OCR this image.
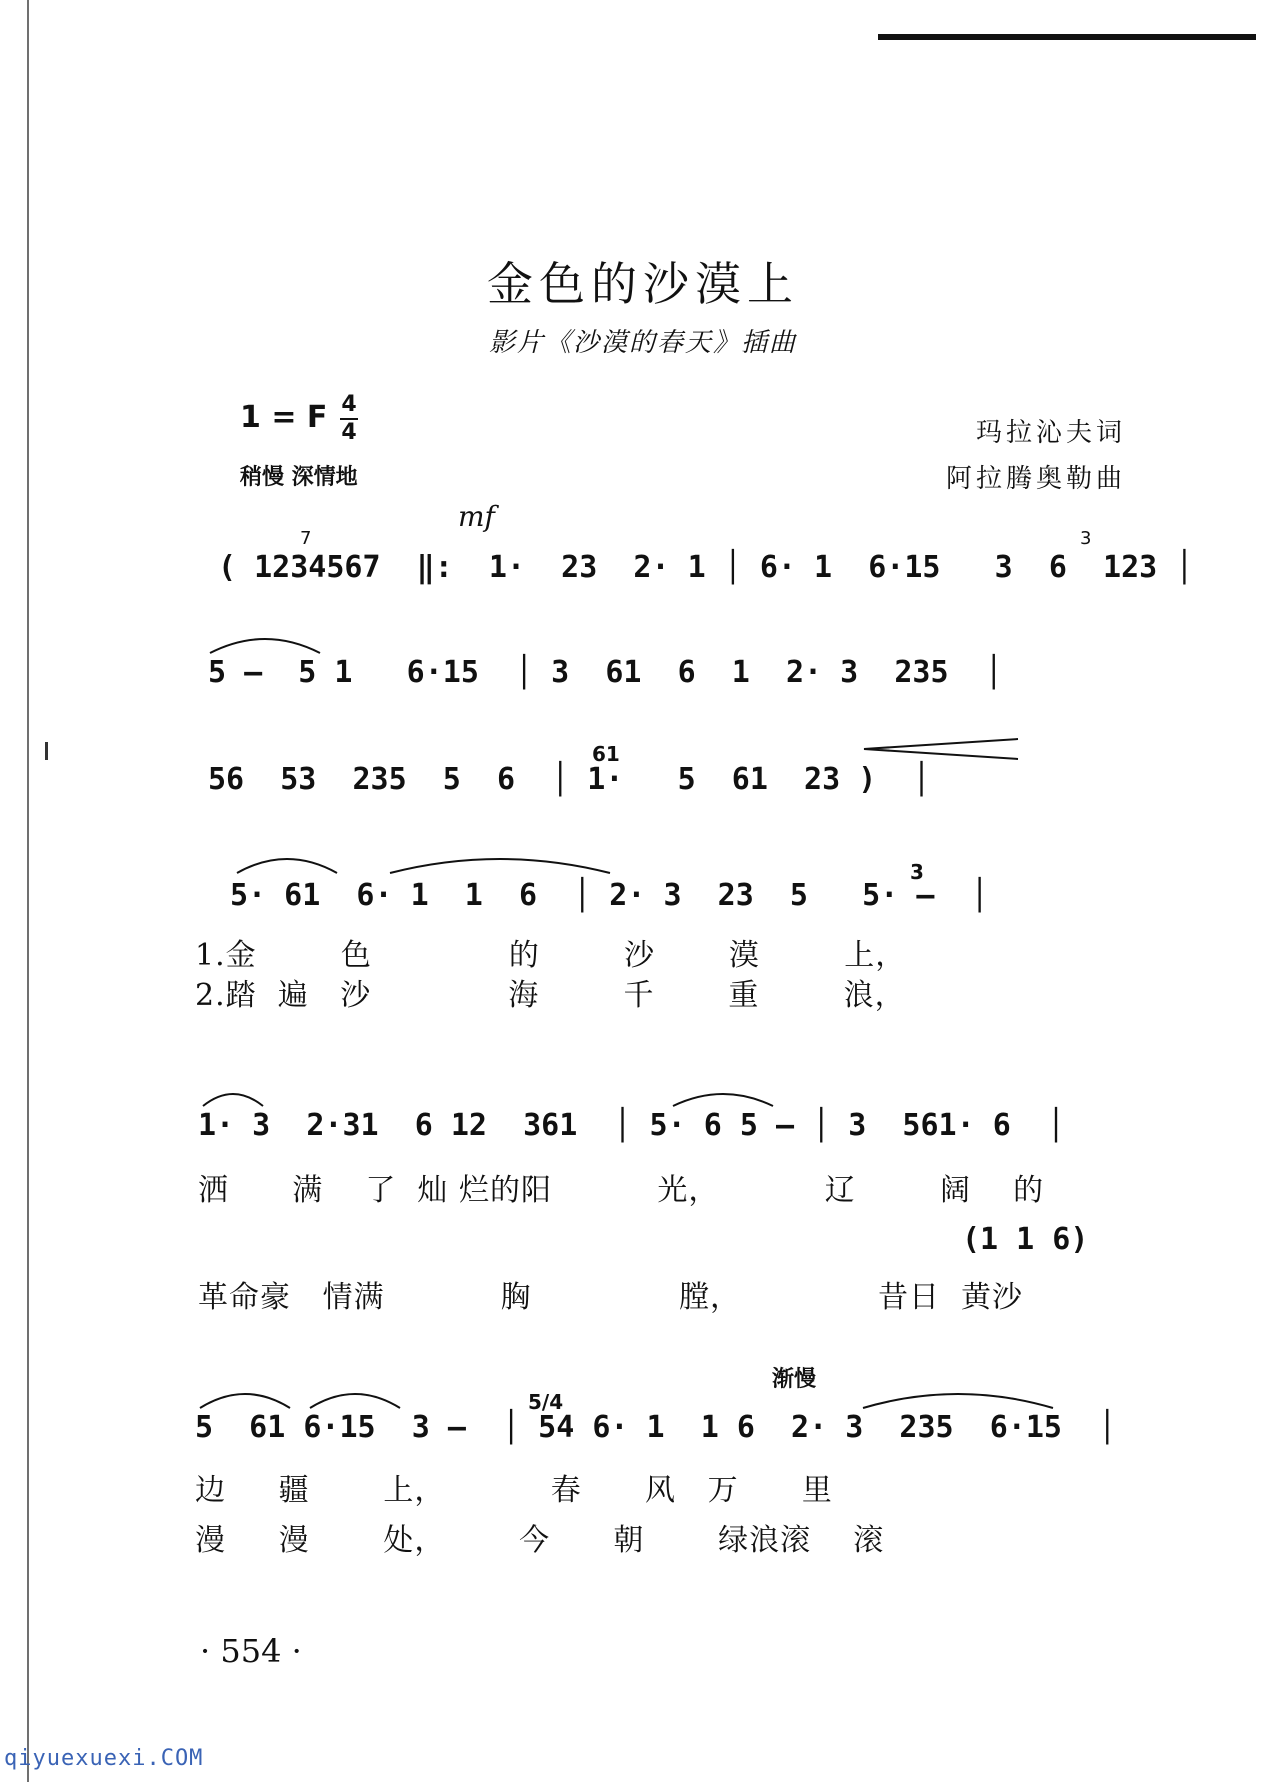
金色的沙漠上
影片《沙漠的春天》插曲
1 = F 4
4
稍慢 深情地
玛拉沁夫词
阿拉腾奥勒曲
mf
7	3
( 1234567  ‖:  1·  23  2· 1 │ 6· 1  6·15   3  6  123 │
5 –  5 1   6·15  │ 3  61  6  1  2· 3  235  │
61
56  53  235  5  6  │ 1·   5  61  23 )  │
3
5· 61  6· 1  1  6  │ 2· 3  23  5   5· –  │
1.金        色             的        沙       漠        上，
2.踏  遍   沙             海        千       重        浪，
1· 3  2·31  6 12  361  │ 5· 6 5 – │ 3  561· 6  │
洒      满    了  灿 烂的阳          光，          辽        阔    的
(1 1 6)
革命豪   情满           胸              膛，             昔日  黄沙
渐慢
5/4
5  61 6·15  3 –  │ 54 6· 1  1 6  2· 3  235  6·15  │
边     疆       上，          春      风   万      里
漫     漫       处，       今      朝       绿浪滚    滚
· 554 ·
qiyuexuexi.COM
